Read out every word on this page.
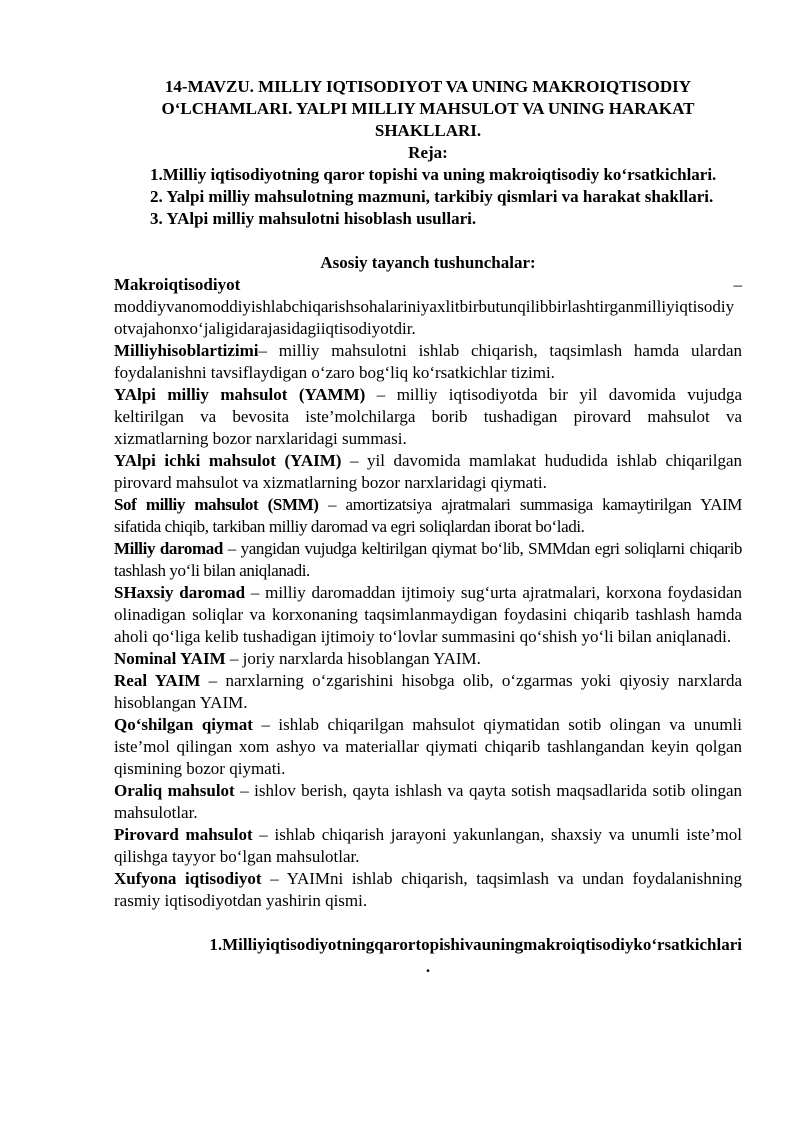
14-MAVZU. MILLIY IQTISODIYOT VA UNING MAKROIQTISODIY
O‘LCHAMLARI. YALPI MILLIY MAHSULOT VA UNING HARAKAT
SHAKLLARI.

Reja:

1.Milliy iqtisodiyotning qaror topishi va uning makroiqtisodiy ko‘rsatkichlari.

2. Yalpi milliy mahsulotning mazmuni, tarkibiy qismlari va harakat shakllari.

3. YAlpi milliy mahsulotni hisoblash usullari.

Asosiy tayanch tushunchalar:

Makroiqtisodiyot	–
moddiyvanomoddiyishlabchiqarishsohalariniyaxlitbirbutunqilibbirlashtirganmilliyiqtisodiyotvajahonxo‘jaligidarajasidagiiqtisodiyotdir.

Milliyhisoblartizimi– milliy mahsulotni ishlab chiqarish, taqsimlash hamda ulardan foydalanishni tavsiflaydigan o‘zaro bog‘liq ko‘rsatkichlar tizimi.

YAlpi milliy mahsulot (YAMM) – milliy iqtisodiyotda bir yil davomida vujudga keltirilgan va bevosita iste’molchilarga borib tushadigan pirovard mahsulot va xizmatlarning bozor narxlaridagi summasi.

YAlpi ichki mahsulot (YAIM) – yil davomida mamlakat hududida ishlab chiqarilgan pirovard mahsulot va xizmatlarning bozor narxlaridagi qiymati.

Sof milliy mahsulot (SMM) – amortizatsiya ajratmalari summasiga kamaytirilgan YAIM sifatida chiqib, tarkiban milliy daromad va egri soliqlardan iborat bo‘ladi.

Milliy daromad – yangidan vujudga keltirilgan qiymat bo‘lib, SMMdan egri soliqlarni chiqarib tashlash yo‘li bilan aniqlanadi.

SHaxsiy daromad – milliy daromaddan ijtimoiy sug‘urta ajratmalari, korxona foydasidan olinadigan soliqlar va korxonaning taqsimlanmaydigan foydasini chiqarib tashlash hamda aholi qo‘liga kelib tushadigan ijtimoiy to‘lovlar summasini qo‘shish yo‘li bilan aniqlanadi.

Nominal YAIM – joriy narxlarda hisoblangan YAIM.

Real YAIM – narxlarning o‘zgarishini hisobga olib, o‘zgarmas yoki qiyosiy narxlarda hisoblangan YAIM.

Qo‘shilgan qiymat – ishlab chiqarilgan mahsulot qiymatidan sotib olingan va unumli iste’mol qilingan xom ashyo va materiallar qiymati chiqarib tashlangandan keyin qolgan qismining bozor qiymati.

Oraliq mahsulot – ishlov berish, qayta ishlash va qayta sotish maqsadlarida sotib olingan mahsulotlar.

Pirovard mahsulot – ishlab chiqarish jarayoni yakunlangan, shaxsiy va unumli iste’mol qilishga tayyor bo‘lgan mahsulotlar.

Xufyona iqtisodiyot – YAIMni ishlab chiqarish, taqsimlash va undan foydalanishning rasmiy iqtisodiyotdan yashirin qismi.

1.Milliyiqtisodiyotningqarortopishivauningmakroiqtisodiyko‘rsatkichlari

.
